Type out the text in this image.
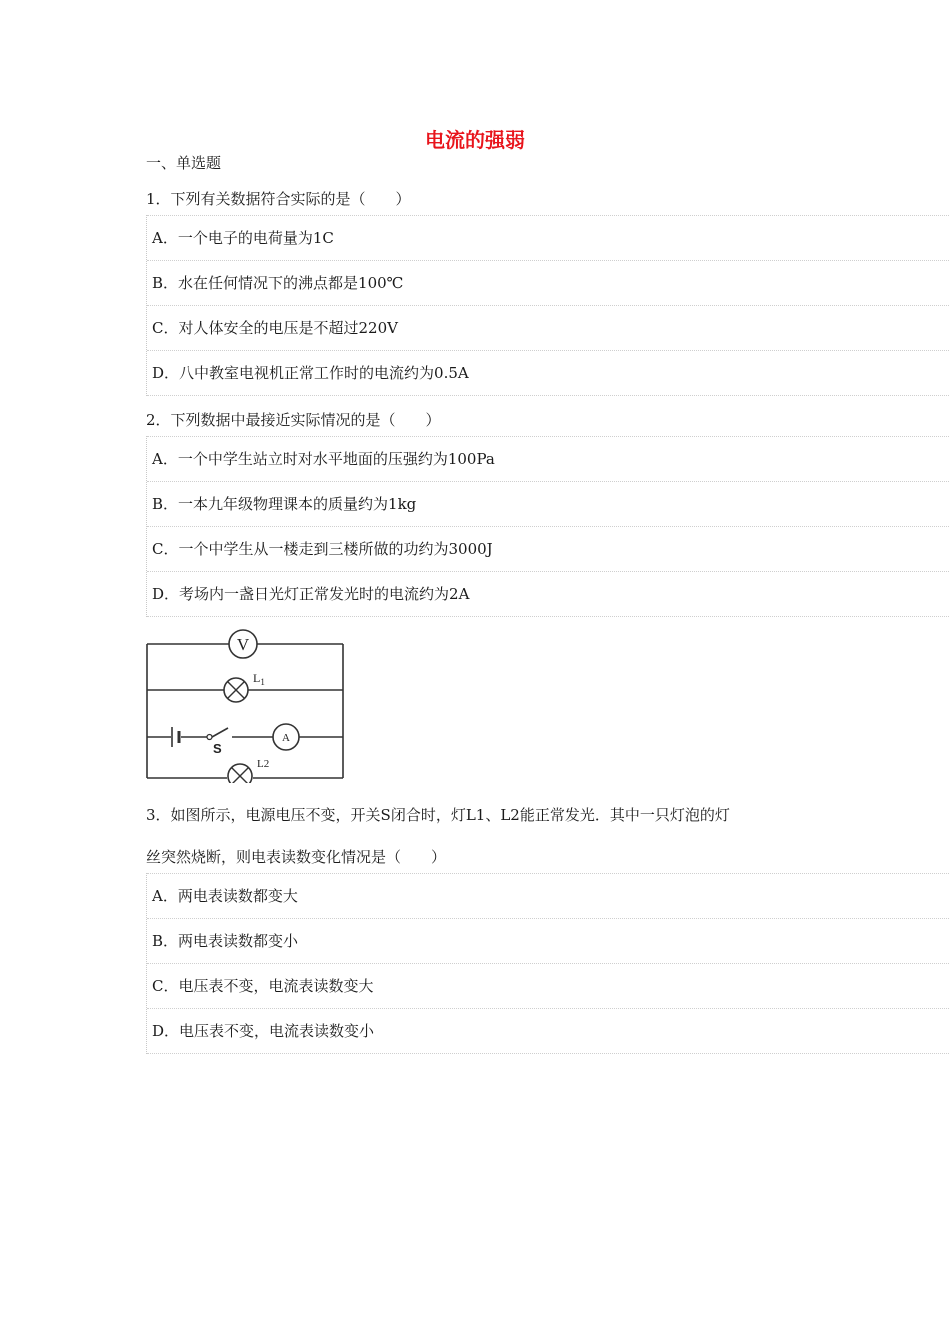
电流的强弱
一、单选题
1．下列有关数据符合实际的是（　　）
A．一个电子的电荷量为1C
B．水在任何情况下的沸点都是100℃
C．对人体安全的电压是不超过220V
D．八中教室电视机正常工作时的电流约为0.5A
2．下列数据中最接近实际情况的是（　　）
A．一个中学生站立时对水平地面的压强约为100Pa
B．一本九年级物理课本的质量约为1kg
C．一个中学生从一楼走到三楼所做的功约为3000J
D．考场内一盏日光灯正常发光时的电流约为2A
V
$L_1$
S
A
L2
3．如图所示，电源电压不变，开关S闭合时，灯L1、L2能正常发光．其中一只灯泡的灯
丝突然烧断，则电表读数变化情况是（　　）
A．两电表读数都变大
B．两电表读数都变小
C．电压表不变，电流表读数变大
D．电压表不变，电流表读数变小
